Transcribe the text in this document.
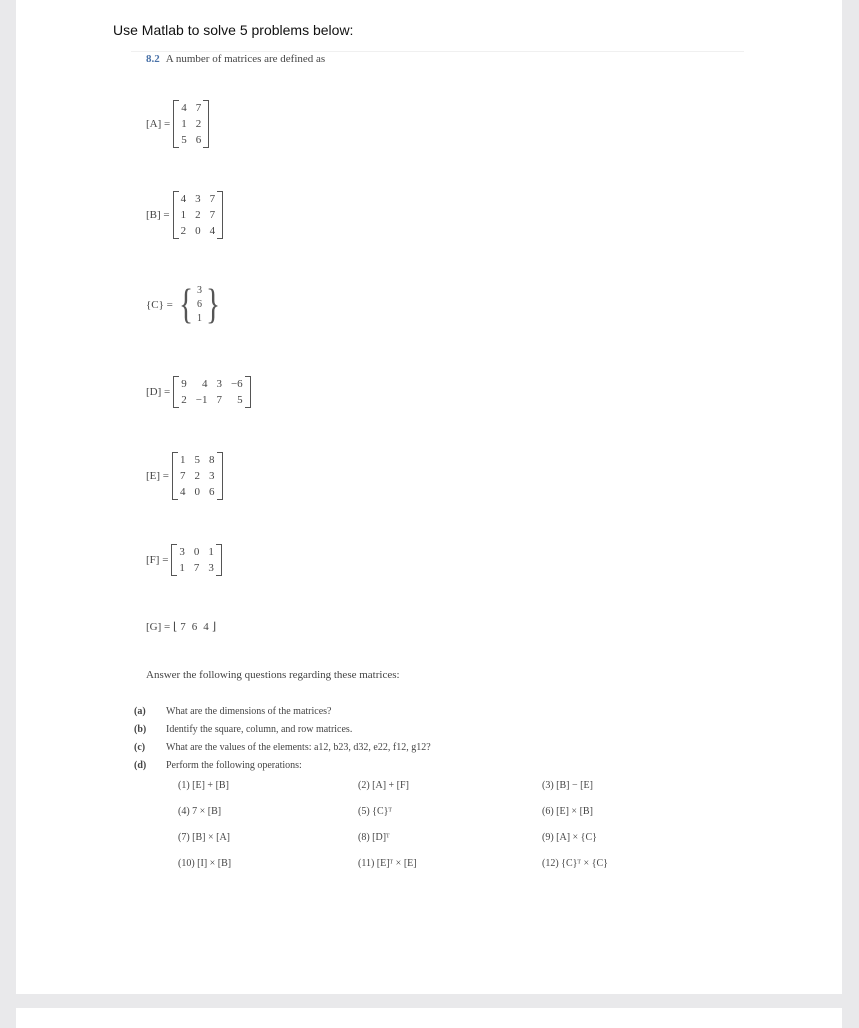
Use Matlab to solve 5 problems below:
8.2 A number of matrices are defined as
[A] =
4 7
1 2
5 6
[B] =
4 3 7
1 2 7
2 0 4
{C} = { 3
6
1 }
[D] =
9	4 3 −6
2 −1 7	5
[E] =
1 5 8
7 2 3
4 0 6
[F] =
3 0 1
1 7 3
[G] = ⌊ 7 6 4 ⌋
Answer the following questions regarding these matrices:
(a)	What are the dimensions of the matrices?
(b)	Identify the square, column, and row matrices.
(c)	What are the values of the elements: a12, b23, d32, e22, f12, g12?
(d)	Perform the following operations:
(1) [E] + [B]	(2) [A] + [F]	(3) [B] − [E]
(4) 7 × [B]	(5) {C}ᵀ	(6) [E] × [B]
(7) [B] × [A]	(8) [D]ᵀ	(9) [A] × {C}
(10) [I] × [B]	(11) [E]ᵀ × [E]	(12) {C}ᵀ × {C}
